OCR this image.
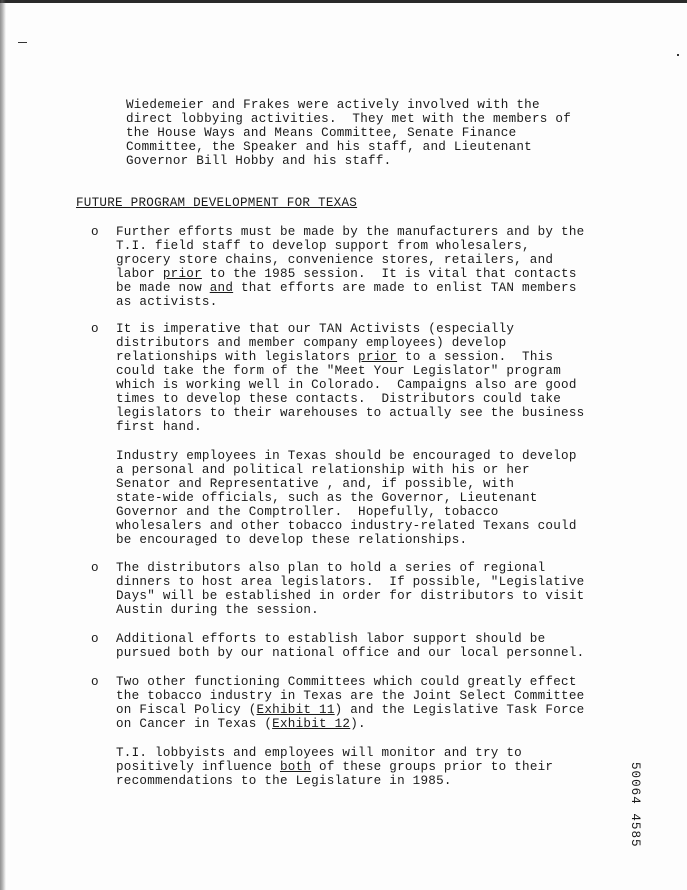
Wiedemeier and Frakes were actively involved with the
direct lobbying activities.  They met with the members of
the House Ways and Means Committee, Senate Finance
Committee, the Speaker and his staff, and Lieutenant
Governor Bill Hobby and his staff.
FUTURE PROGRAM DEVELOPMENT FOR TEXAS
o Further efforts must be made by the manufacturers and by the
T.I. field staff to develop support from wholesalers,
grocery store chains, convenience stores, retailers, and
labor prior to the 1985 session.  It is vital that contacts
be made now and that efforts are made to enlist TAN members
as activists.
o It is imperative that our TAN Activists (especially
distributors and member company employees) develop
relationships with legislators prior to a session.  This
could take the form of the "Meet Your Legislator" program
which is working well in Colorado.  Campaigns also are good
times to develop these contacts.  Distributors could take
legislators to their warehouses to actually see the business
first hand.
Industry employees in Texas should be encouraged to develop
a personal and political relationship with his or her
Senator and Representative , and, if possible, with
state-wide officials, such as the Governor, Lieutenant
Governor and the Comptroller.  Hopefully, tobacco
wholesalers and other tobacco industry-related Texans could
be encouraged to develop these relationships.
o The distributors also plan to hold a series of regional
dinners to host area legislators.  If possible, "Legislative
Days" will be established in order for distributors to visit
Austin during the session.
o Additional efforts to establish labor support should be
pursued both by our national office and our local personnel.
o Two other functioning Committees which could greatly effect
the tobacco industry in Texas are the Joint Select Committee
on Fiscal Policy (Exhibit 11) and the Legislative Task Force
on Cancer in Texas (Exhibit 12).
T.I. lobbyists and employees will monitor and try to
positively influence both of these groups prior to their
recommendations to the Legislature in 1985.	50064 4585
